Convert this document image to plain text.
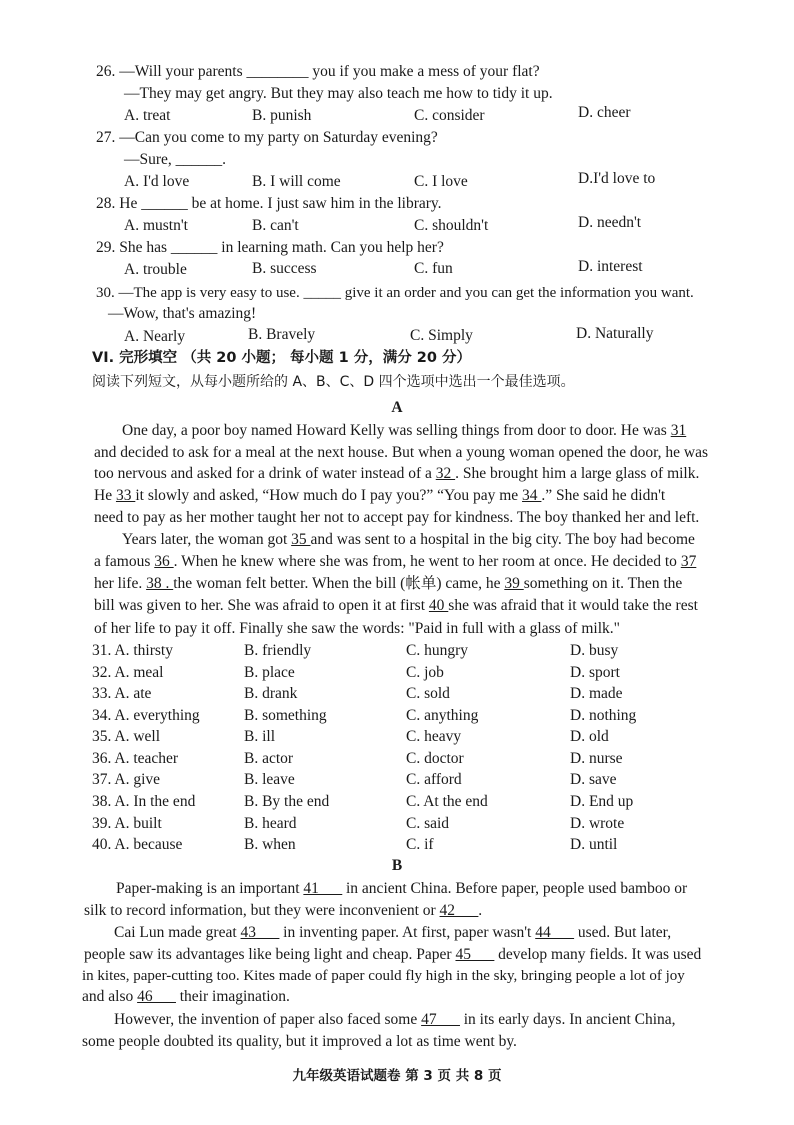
26. —Will your parents ________ you if you make a mess of your flat?
—They may get angry. But they may also teach me how to tidy it up.
A. treat	B. punish	C. consider	D. cheer
27. —Can you come to my party on Saturday evening?
—Sure, ______.
A. I'd love	B. I will come	C. I love	D.I'd love to
28. He ______ be at home. I just saw him in the library.
A. mustn't	B. can't	C. shouldn't	D. needn't
29. She has ______ in learning math. Can you help her?
A. trouble	B. success	C. fun	D. interest
30. —The app is very easy to use. _____ give it an order and you can get the information you want.
—Wow, that's amazing!
A. Nearly	B. Bravely	C. Simply	D. Naturally
VI. 完形填空 （共 20 小题； 每小题 1 分，满分 20 分）
阅读下列短文，从每小题所给的 A、B、C、D 四个选项中选出一个最佳选项。
A
One day, a poor boy named Howard Kelly was selling things from door to door. He was 31
and decided to ask for a meal at the next house. But when a young woman opened the door, he was
too nervous and asked for a drink of water instead of a 32 . She brought him a large glass of milk.
He 33 it slowly and asked, “How much do I pay you?” “You pay me 34 .” She said he didn't
need to pay as her mother taught her not to accept pay for kindness. The boy thanked her and left.
Years later, the woman got 35 and was sent to a hospital in the big city. The boy had become
a famous 36 . When he knew where she was from, he went to her room at once. He decided to 37
her life. 38 . the woman felt better. When the bill (帐单) came, he 39 something on it. Then the
bill was given to her. She was afraid to open it at first 40 she was afraid that it would take the rest
of her life to pay it off. Finally she saw the words: "Paid in full with a glass of milk."
31. A. thirsty	B. friendly	C. hungry	D. busy
32. A. meal	B. place	C. job	D. sport
33. A. ate	B. drank	C. sold	D. made
34. A. everything	B. something	C. anything	D. nothing
35. A. well	B. ill	C. heavy	D. old
36. A. teacher	B. actor	C. doctor	D. nurse
37. A. give	B. leave	C. afford	D. save
38. A. In the end	B. By the end	C. At the end	D. End up
39. A. built	B. heard	C. said	D. wrote
40. A. because	B. when	C. if	D. until
B
Paper-making is an important 41___ in ancient China. Before paper, people used bamboo or
silk to record information, but they were inconvenient or 42___.
Cai Lun made great 43___ in inventing paper. At first, paper wasn't 44___ used. But later,
people saw its advantages like being light and cheap. Paper 45___ develop many fields. It was used
in kites, paper-cutting too. Kites made of paper could fly high in the sky, bringing people a lot of joy
and also 46___ their imagination.
However, the invention of paper also faced some 47___ in its early days. In ancient China,
some people doubted its quality, but it improved a lot as time went by.
九年级英语试题卷 第 3 页 共 8 页
